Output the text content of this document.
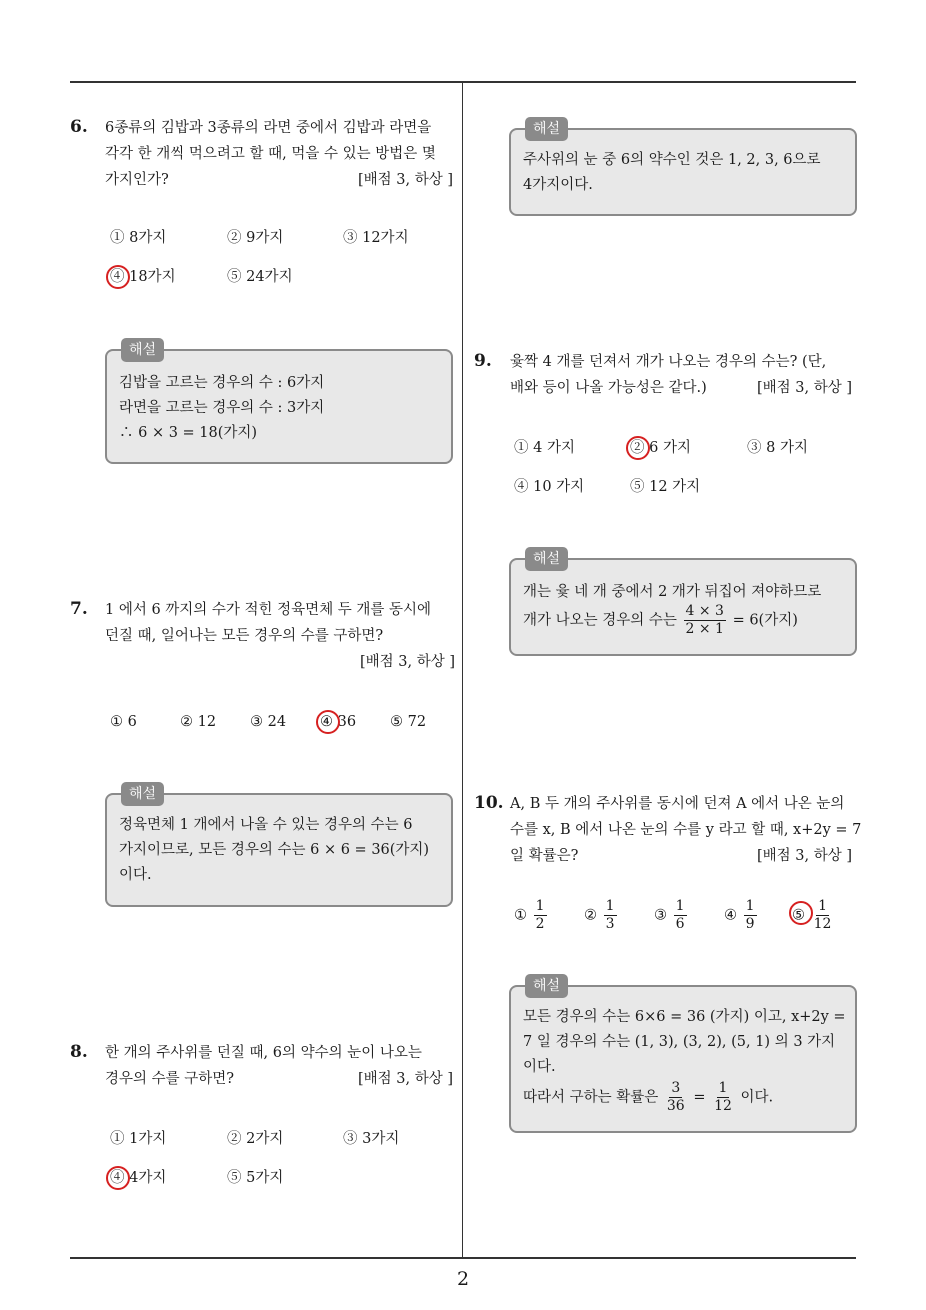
2
6. 6종류의 김밥과 3종류의 라면 중에서 김밥과 라면을
각각 한 개씩 먹으려고 할 때, 먹을 수 있는 방법은 몇
가지인가?	[배점 3, 하상 ]
① 8가지	② 9가지	③ 12가지
④ 18가지	⑤ 24가지
해설
김밥을 고르는 경우의 수 : 6가지
라면을 고르는 경우의 수 : 3가지
∴ 6 × 3 = 18(가지)
7. 1 에서 6 까지의 수가 적힌 정육면체 두 개를 동시에
던질 때, 일어나는 모든 경우의 수를 구하면?
[배점 3, 하상 ]
① 6	② 12 ③ 24 ④ 36 ⑤ 72
해설
정육면체 1 개에서 나올 수 있는 경우의 수는 6
가지이므로, 모든 경우의 수는 6 × 6 = 36(가지)
이다.
8. 한 개의 주사위를 던질 때, 6의 약수의 눈이 나오는
경우의 수를 구하면?	[배점 3, 하상 ]
① 1가지	② 2가지	③ 3가지
④ 4가지	⑤ 5가지
해설
주사위의 눈 중 6의 약수인 것은 1, 2, 3, 6으로
4가지이다.
9. 윷짝 4 개를 던져서 개가 나오는 경우의 수는? (단,
배와 등이 나올 가능성은 같다.)	[배점 3, 하상 ]
① 4 가지	② 6 가지	③ 8 가지
④ 10 가지	⑤ 12 가지
해설
개는 윷 네 개 중에서 2 개가 뒤집어 져야하므로
개가 나오는 경우의 수는 $\frac{4 \times 3}{2 \times 1} = 6$(가지)
10. A, B 두 개의 주사위를 동시에 던져 A 에서 나온 눈의
수를 x, B 에서 나온 눈의 수를 y 라고 할 때, x+2y = 7
일 확률은?	[배점 3, 하상 ]
① $\frac{1}{2}$	② $\frac{1}{3}$	③ $\frac{1}{6}$	④ $\frac{1}{9}$ ⑤ $\frac{1}{12}$
해설
모든 경우의 수는 6×6 = 36 (가지) 이고, x+2y =
7 일 경우의 수는 (1, 3), (3, 2), (5, 1) 의 3 가지
이다.
따라서 구하는 확률은 $\frac{3}{36} = \frac{1}{12}$ 이다.
